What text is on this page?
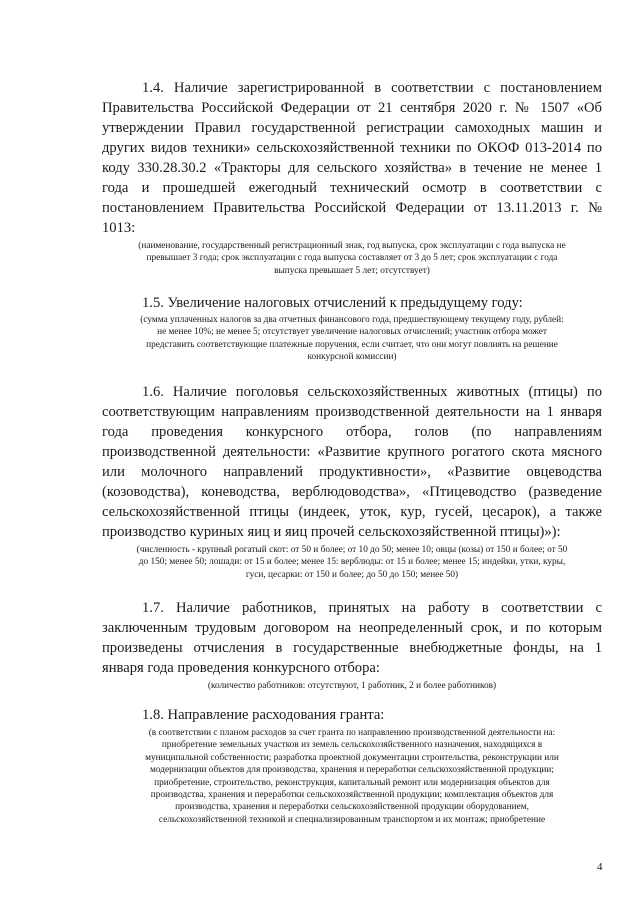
1.4. Наличие зарегистрированной в соответствии с постановлением
Правительства Российской Федерации от 21 сентября 2020 г. № 1507 «Об
утверждении Правил государственной регистрации самоходных машин и
других видов техники» сельскохозяйственной техники по ОКОФ 013-2014 по
коду 330.28.30.2 «Тракторы для сельского хозяйства» в течение не менее 1
года и прошедшей ежегодный технический осмотр в соответствии с
постановлением Правительства Российской Федерации от 13.11.2013 г. №
1013:

(наименование, государственный регистрационный знак, год выпуска, срок эксплуатации с года выпуска не
превышает 3 года; срок эксплуатации с года выпуска составляет от 3 до 5 лет; срок эксплуатации с года
выпуска превышает 5 лет; отсутствует)

1.5. Увеличение налоговых отчислений к предыдущему году:

(сумма уплаченных налогов за два отчетных финансового года, предшествующему текущему году, рублей:
не менее 10%; не менее 5; отсутствует увеличение налоговых отчислений; участник отбора может
представить соответствующие платежные поручения, если считает, что они могут повлиять на решение
конкурсной комиссии)

1.6. Наличие поголовья сельскохозяйственных животных (птицы) по
соответствующим направлениям производственной деятельности на 1 января
года проведения конкурсного отбора, голов (по направлениям
производственной деятельности: «Развитие крупного рогатого скота мясного
или молочного направлений продуктивности», «Развитие овцеводства
(козоводства), коневодства, верблюдоводства», «Птицеводство (разведение
сельскохозяйственной птицы (индеек, уток, кур, гусей, цесарок), а также
производство куриных яиц и яиц прочей сельскохозяйственной птицы)»):

(численность - крупный рогатый скот: от 50 и более; от 10 до 50; менее 10; овцы (козы) от 150 и более; от 50
до 150; менее 50; лошади: от 15 и более; менее 15: верблюды: от 15 и более; менее 15; индейки, утки, куры,
гуси, цесарки: от 150 и более; до 50 до 150; менее 50)

1.7. Наличие работников, принятых на работу в соответствии с
заключенным трудовым договором на неопределенный срок, и по которым
произведены отчисления в государственные внебюджетные фонды, на 1
января года проведения конкурсного отбора:

(количество работников: отсутствуют, 1 работник, 2 и более работников)

1.8. Направление расходования гранта:

(в соответствии с планом расходов за счет гранта по направлению производственной деятельности на:
приобретение земельных участков из земель сельскохозяйственного назначения, находящихся в
муниципальной собственности; разработка проектной документации строительства, реконструкции или
модернизации объектов для производства, хранения и переработки сельскохозяйственной продукции;
приобретение, строительство, реконструкция, капитальный ремонт или модернизация объектов для
производства, хранения и переработки сельскохозяйственной продукции; комплектация объектов для
производства, хранения и переработки сельскохозяйственной продукции оборудованием,
сельскохозяйственной техникой и специализированным транспортом и их монтаж; приобретение
4
